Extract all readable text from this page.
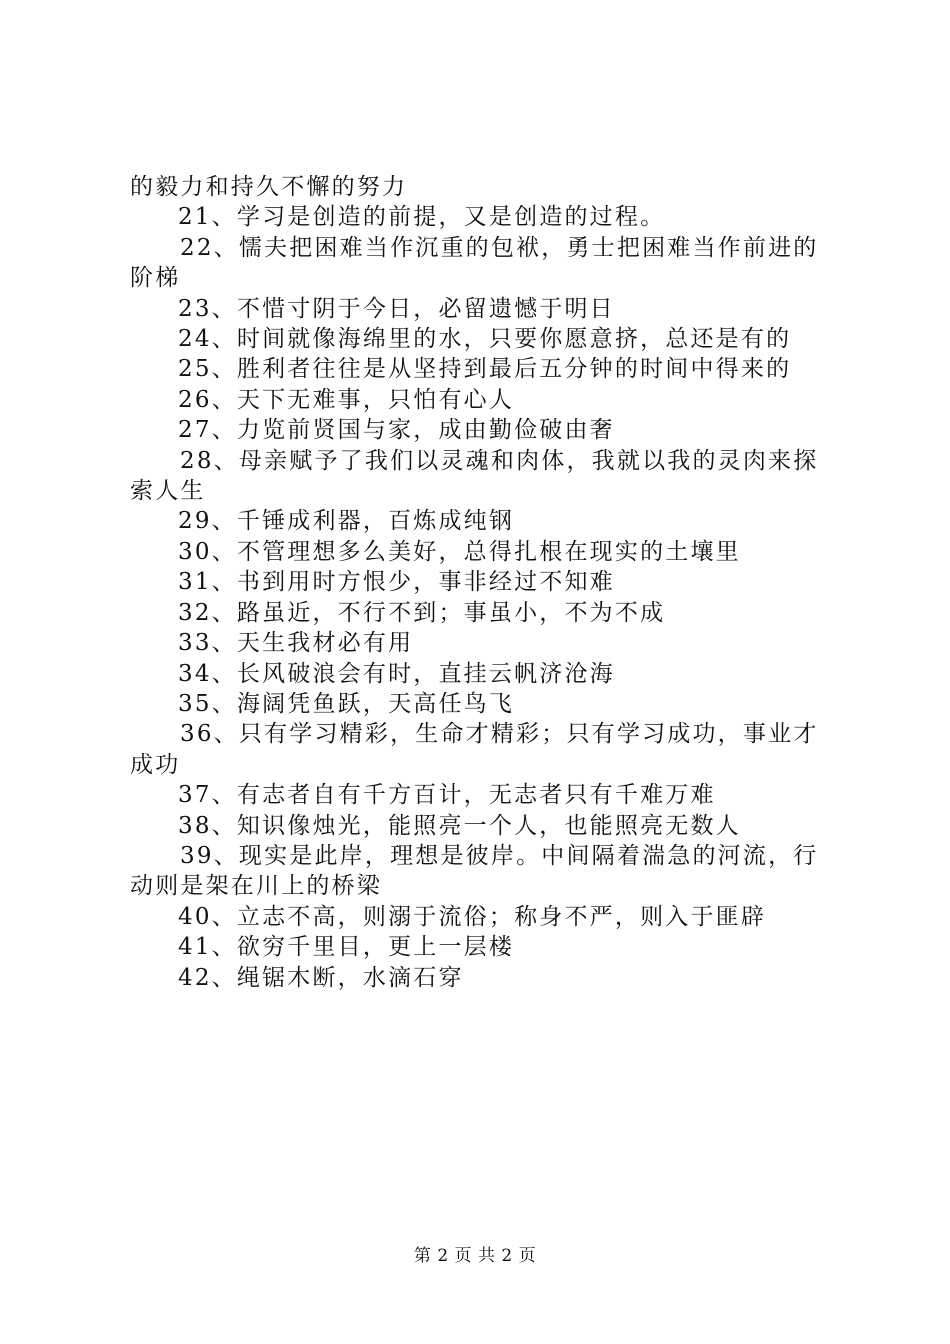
的毅力和持久不懈的努力
21、学习是创造的前提，又是创造的过程。
22、懦夫把困难当作沉重的包袱，勇士把困难当作前进的阶梯
23、不惜寸阴于今日，必留遗憾于明日
24、时间就像海绵里的水，只要你愿意挤，总还是有的
25、胜利者往往是从坚持到最后五分钟的时间中得来的
26、天下无难事，只怕有心人
27、力览前贤国与家，成由勤俭破由奢
28、母亲赋予了我们以灵魂和肉体，我就以我的灵肉来探索人生
29、千锤成利器，百炼成纯钢
30、不管理想多么美好，总得扎根在现实的土壤里
31、书到用时方恨少，事非经过不知难
32、路虽近，不行不到；事虽小，不为不成
33、天生我材必有用
34、长风破浪会有时，直挂云帆济沧海
35、海阔凭鱼跃，天高任鸟飞
36、只有学习精彩，生命才精彩；只有学习成功，事业才成功
37、有志者自有千方百计，无志者只有千难万难
38、知识像烛光，能照亮一个人，也能照亮无数人
39、现实是此岸，理想是彼岸。中间隔着湍急的河流，行动则是架在川上的桥梁
40、立志不高，则溺于流俗；称身不严，则入于匪辟
41、欲穷千里目，更上一层楼
42、绳锯木断，水滴石穿
第 2 页 共 2 页
